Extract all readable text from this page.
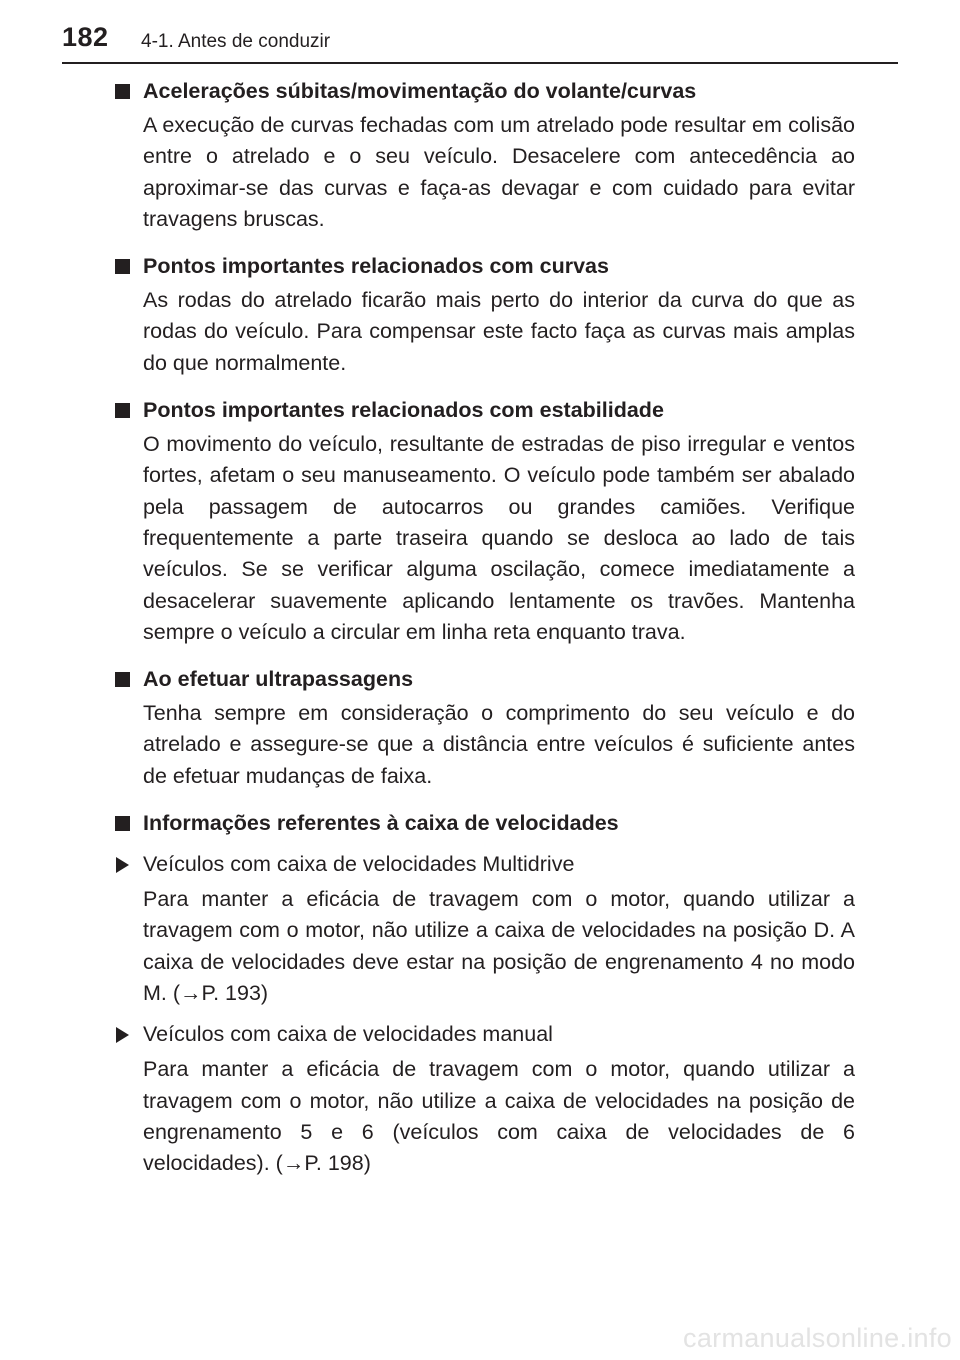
182 4-1. Antes de conduzir
Acelerações súbitas/movimentação do volante/curvas
A execução de curvas fechadas com um atrelado pode resultar em colisão entre o atrelado e o seu veículo. Desacelere com antecedência ao aproximar-se das curvas e faça-as devagar e com cuidado para evitar travagens bruscas.
Pontos importantes relacionados com curvas
As rodas do atrelado ficarão mais perto do interior da curva do que as rodas do veículo. Para compensar este facto faça as curvas mais amplas do que normalmente.
Pontos importantes relacionados com estabilidade
O movimento do veículo, resultante de estradas de piso irregular e ventos fortes, afetam o seu manuseamento. O veículo pode também ser abalado pela passagem de autocarros ou grandes camiões. Verifique frequentemente a parte traseira quando se desloca ao lado de tais veículos. Se se verificar alguma oscilação, comece imediatamente a desacelerar suavemente aplicando lentamente os travões. Mantenha sempre o veículo a circular em linha reta enquanto trava.
Ao efetuar ultrapassagens
Tenha sempre em consideração o comprimento do seu veículo e do atrelado e assegure-se que a distância entre veículos é suficiente antes de efetuar mudanças de faixa.
Informações referentes à caixa de velocidades
Veículos com caixa de velocidades Multidrive
Para manter a eficácia de travagem com o motor, quando utilizar a travagem com o motor, não utilize a caixa de velocidades na posição D. A caixa de velocidades deve estar na posição de engrenamento 4 no modo M. (→P. 193)
Veículos com caixa de velocidades manual
Para manter a eficácia de travagem com o motor, quando utilizar a travagem com o motor, não utilize a caixa de velocidades na posição de engrenamento 5 e 6 (veículos com caixa de velocidades de 6 velocidades). (→P. 198)
carmanualsonline.info
